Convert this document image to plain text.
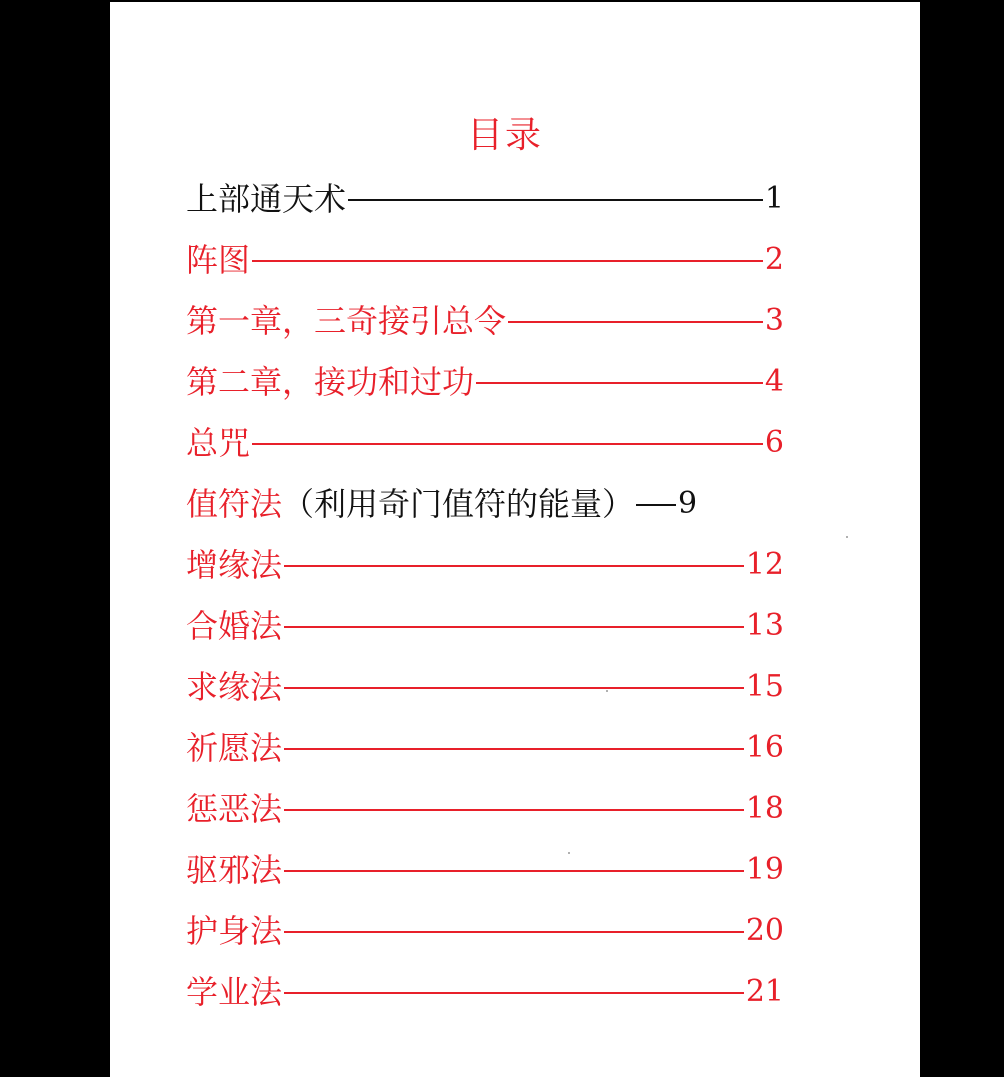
目录
上部通天术	1
阵图	2
第一章，三奇接引总令	3
第二章，接功和过功	4
总咒	6
值符法 （利用奇门值符的能量） 9
增缘法	12
合婚法	13
求缘法	15
祈愿法	16
惩恶法	18
驱邪法	19
护身法	20
学业法	21
